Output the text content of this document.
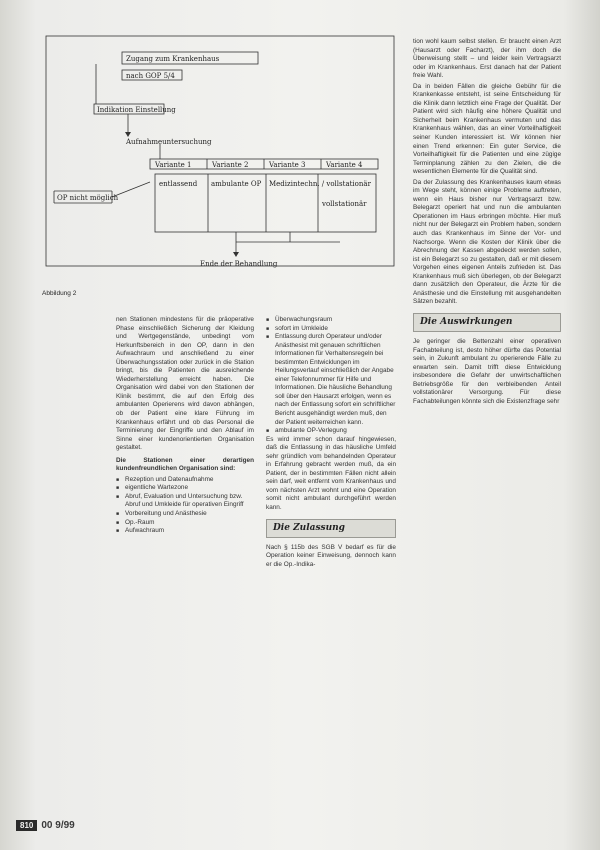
Zugang zum Krankenhaus
nach GOP 5/4
Indikation Einstellung
Aufnahmeuntersuchung
Variante 1	Variante 2	Variante 3	Variante 4
OP nicht möglich
entlassend ambulante OP Medizintechn. / vollstationär
vollstationär
Ende der Behandlung
Abbildung 2

nen Stationen mindestens für die präoperative Phase einschließlich Sicherung der Kleidung und Wertgegenstände, unbedingt vom Herkunftsbereich in den OP, dann in den Aufwachraum und anschließend zu einer Überwachungsstation oder zurück in die Station bringt, bis die Patienten die ausreichende Wiederherstellung erreicht haben. Die Organisation wird dabei von den Stationen der Klinik bestimmt, die auf den Erfolg des ambulanten Operierens wird davon abhängen, ob der Patient eine klare Führung im Krankenhaus erfährt und ob das Personal die Terminierung der Eingriffe und den Ablauf im Sinne einer kundenorientierten Organisation gestaltet.

Die Stationen einer derartigen kundenfreundlichen Organisation sind:

■ Rezeption und Datenaufnahme
■ eigentliche Wartezone
■ Abruf, Evaluation und Untersuchung bzw. Abruf und Umkleide für operativen Eingriff
■ Vorbereitung und Anästhesie
■ Op.-Raum
■ Aufwachraum
■ Überwachungsraum
■ sofort im Umkleide
■ Entlassung durch Operateur und/oder Anästhesist mit genauen schriftlichen Informationen für Verhaltensregeln bei bestimmten Entwicklungen im Heilungsverlauf einschließlich der Angabe einer Telefonnummer für Hilfe und Informationen. Die häusliche Behandlung soll über den Hausarzt erfolgen, wenn es nach der Entlassung sofort ein schriftlicher Bericht ausgehändigt werden muß, den der Patient weiterreichen kann.
■ ambulante OP-Verlegung

Es wird immer schon darauf hingewiesen, daß die Entlassung in das häusliche Umfeld sehr gründlich vom behandelnden Operateur in Erfahrung gebracht werden muß, da ein Patient, der in bestimmten Fällen nicht allein sein darf, weit entfernt vom Krankenhaus und vom nächsten Arzt wohnt und eine Operation somit nicht ambulant durchgeführt werden kann.

Die Zulassung

Nach § 115b des SGB V bedarf es für die Operation keiner Einweisung, dennoch kann er die Op.-Indika-

tion wohl kaum selbst stellen. Er braucht einen Arzt (Hausarzt oder Facharzt), der ihm doch die Überweisung stellt – und leider kein Vertragsarzt oder im Krankenhaus. Erst danach hat der Patient freie Wahl.

Da in beiden Fällen die gleiche Gebühr für die Krankenkasse entsteht, ist seine Entscheidung für die Klinik dann letztlich eine Frage der Qualität. Der Patient wird sich häufig eine höhere Qualität und Sicherheit beim Krankenhaus vermuten und das Krankenhaus wählen, das an einer Vorteilhaftigkeit seiner Kunden interessiert ist. Wir können hier einen Trend erkennen: Ein guter Service, die Vorteilhaftigkeit für die Patienten und eine zügige Terminplanung zählen zu den Zielen, die die wesentlichen Elemente für die Qualität sind.

Da der Zulassung des Krankenhauses kaum etwas im Wege steht, können einige Probleme auftreten, wenn ein Haus bisher nur Vertragsarzt bzw. Belegarzt operiert hat und nun die ambulanten Operationen im Haus erbringen möchte. Hier muß nicht nur der Belegarzt ein Problem haben, sondern auch das Krankenhaus im Sinne der Vor- und Nachsorge. Wenn die Kosten der Klinik über die Abrechnung der Kassen abgedeckt werden sollen, ist ein Belegarzt so zu gestalten, daß er mit diesem Vorgehen eines eigenen Anteils zufrieden ist. Das Krankenhaus muß sich überlegen, ob der Belegarzt dann zusätzlich den Operateur, die Ärzte für die Anästhesie und die Einstellung mit ausgehandelten Sätzen bezahlt.

Die Auswirkungen

Je geringer die Bettenzahl einer operativen Fachabteilung ist, desto höher dürfte das Potential sein, in Zukunft ambulant zu operierende Fälle zu erwarten sein. Damit trifft diese Entwicklung insbesondere die Gefahr der unwirtschaftlichen Betriebsgröße für den verbleibenden Anteil vollstationärer Versorgung. Für diese Fachabteilungen könnte sich die Existenzfrage sehr

810 00 9/99
